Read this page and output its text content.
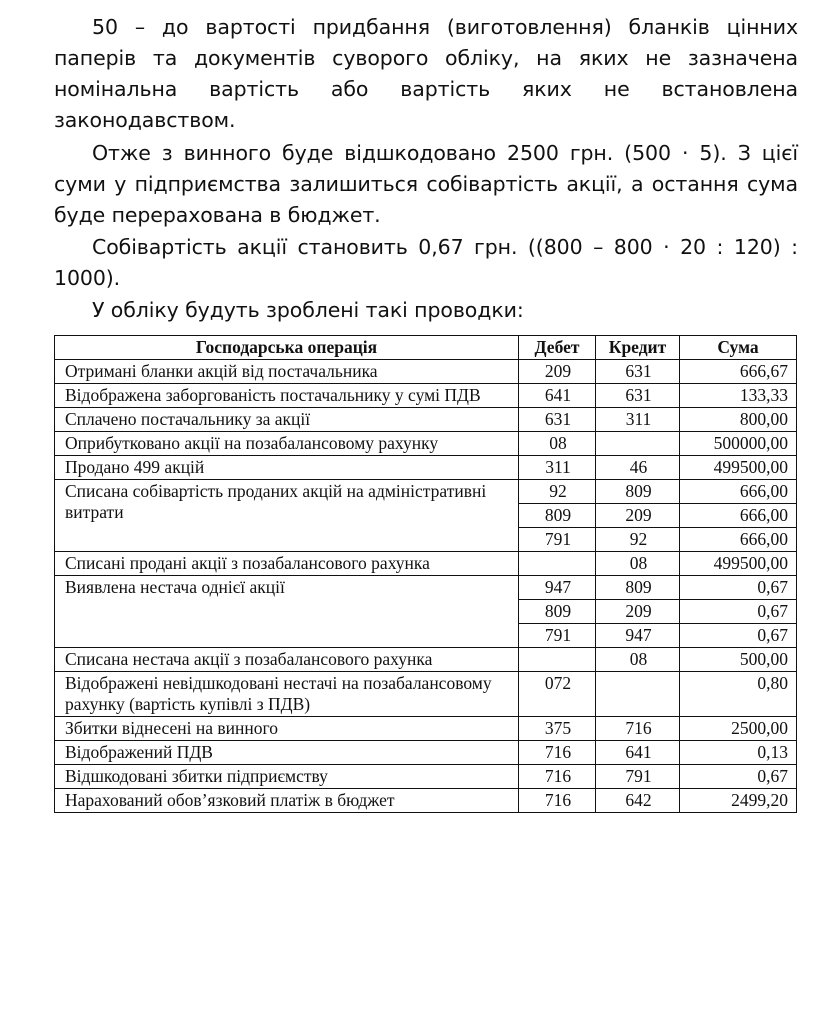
50 – до вартості придбання (виготовлення) бланків цінних паперів та документів суворого обліку, на яких не зазначена номінальна вартість або вартість яких не встановлена законодавством.

Отже з винного буде відшкодовано 2500 грн. (500 · 5). З цієї суми у підприємства залишиться собівартість акції, а остання сума буде перерахована в бюджет.

Собівартість акції становить 0,67 грн. ((800 – 800 · 20 : 120) : 1000).

У обліку будуть зроблені такі проводки:

Господарська операція	Дебет	Кредит	Сума
Отримані бланки акцій від постачальника	209	631	666,67
Відображена заборгованість постачальнику у сумі ПДВ	641	631	133,33
Сплачено постачальнику за акції	631	311	800,00
Оприбутковано акції на позабалансовому рахунку	08		500000,00
Продано 499 акцій	311	46	499500,00
Списана собівартість проданих акцій на адміністративні витрати	92	809	666,00
	809	209	666,00
	791	92	666,00
Списані продані акції з позабалансового рахунка		08	499500,00
Виявлена нестача однієї акції	947	809	0,67
	809	209	0,67
	791	947	0,67
Списана нестача акції з позабалансового рахунка		08	500,00
Відображені невідшкодовані нестачі на позабалансовому рахунку (вартість купівлі з ПДВ)	072		0,80
Збитки віднесені на винного	375	716	2500,00
Відображений ПДВ	716	641	0,13
Відшкодовані збитки підприємству	716	791	0,67
Нарахований обов’язковий платіж в бюджет	716	642	2499,20
